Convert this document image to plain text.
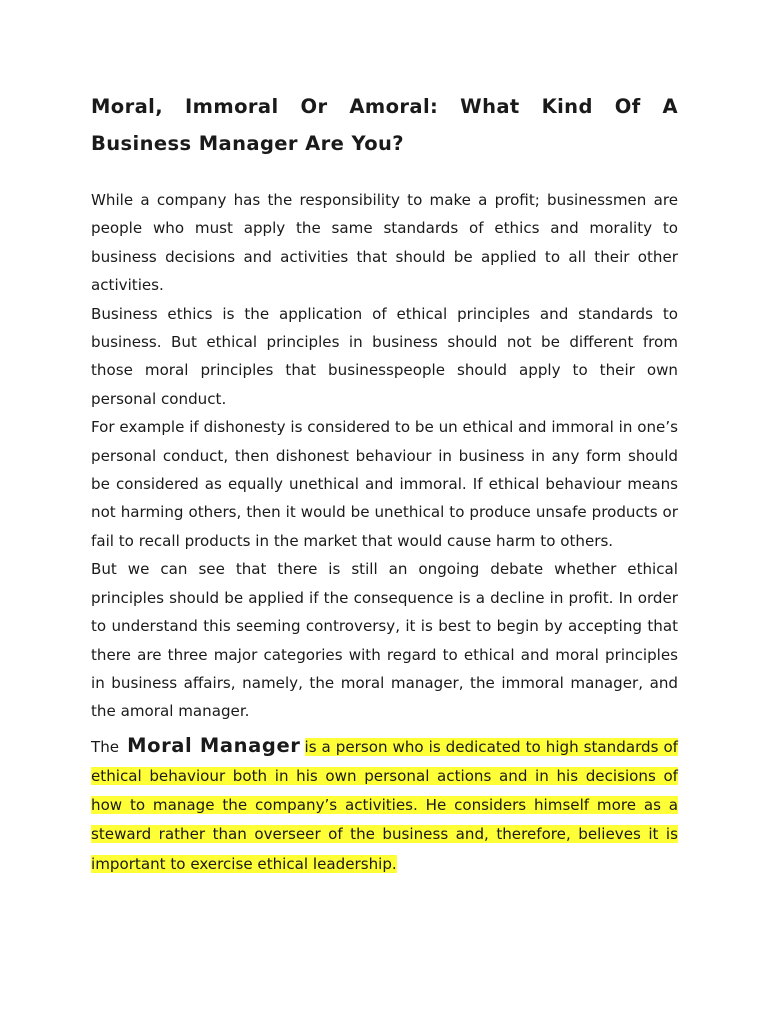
Moral, Immoral Or Amoral: What Kind Of A Business Manager Are You?

While a company has the responsibility to make a profit; businessmen are people who must apply the same standards of ethics and morality to business decisions and activities that should be applied to all their other activities.

Business ethics is the application of ethical principles and standards to business. But ethical principles in business should not be different from those moral principles that businesspeople should apply to their own personal conduct.

For example if dishonesty is considered to be un ethical and immoral in one’s personal conduct, then dishonest behaviour in business in any form should be considered as equally unethical and immoral. If ethical behaviour means not harming others, then it would be unethical to produce unsafe products or fail to recall products in the market that would cause harm to others.

But we can see that there is still an ongoing debate whether ethical principles should be applied if the consequence is a decline in profit. In order to understand this seeming controversy, it is best to begin by accepting that there are three major categories with regard to ethical and moral principles in business affairs, namely, the moral manager, the immoral manager, and the amoral manager.

The Moral Manager is a person who is dedicated to high standards of ethical behaviour both in his own personal actions and in his decisions of how to manage the company’s activities. He considers himself more as a steward rather than overseer of the business and, therefore, believes it is important to exercise ethical leadership.
